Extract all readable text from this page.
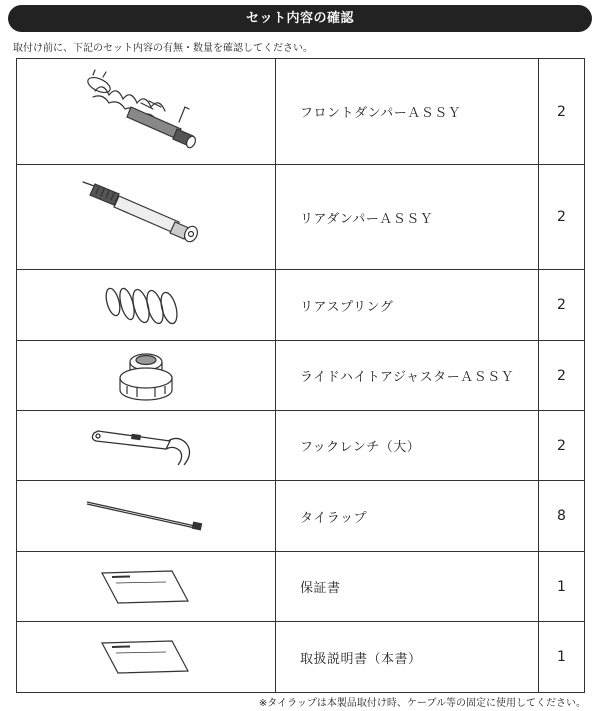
セット内容の確認
取付け前に、下記のセット内容の有無・数量を確認してください。
	フロントダンパーＡＳＳＹ	2

	リアダンパーＡＳＳＹ	2

	リアスプリング	2

	ライドハイトアジャスターＡＳＳＹ	2

	フックレンチ（大）	2

	タイラップ	8

	保証書	1

	取扱説明書（本書）	1
※タイラップは本製品取付け時、ケーブル等の固定に使用してください。
